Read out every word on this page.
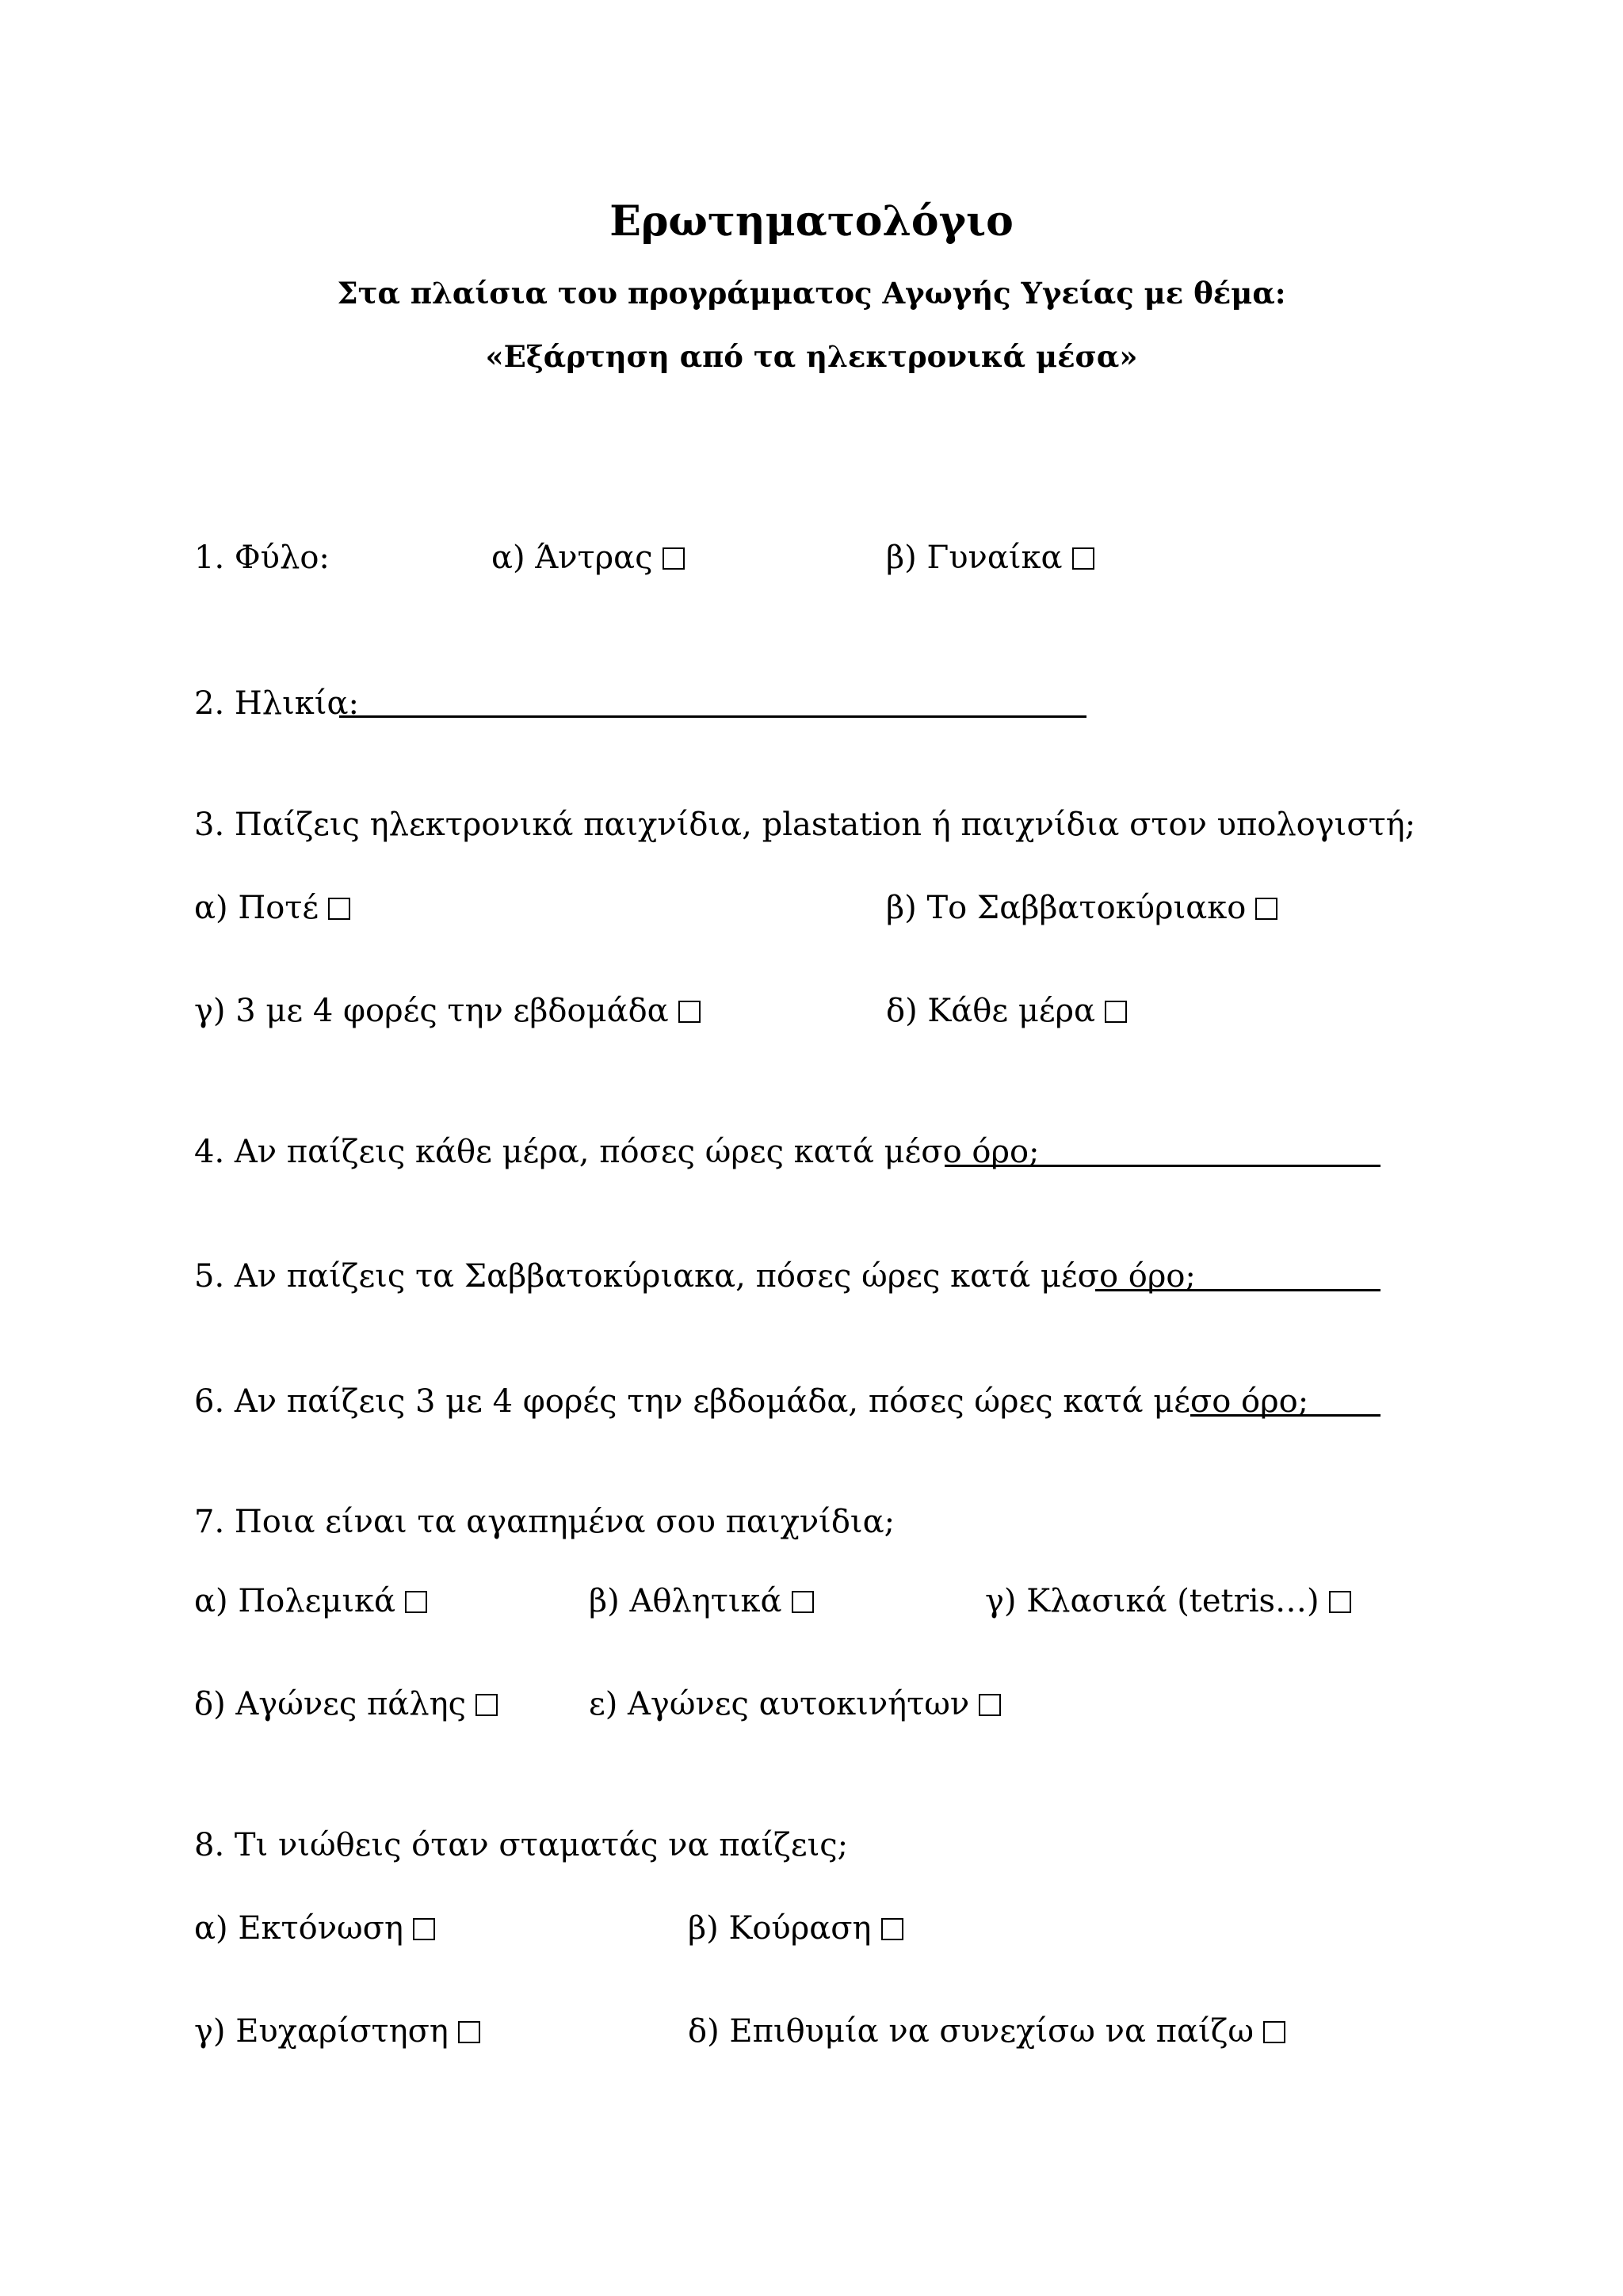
Ερωτηματολόγιο
Στα πλαίσια του προγράμματος Αγωγής Υγείας με θέμα:
«Εξάρτηση από τα ηλεκτρονικά μέσα»
1. Φύλο:	α) Άντρας	β) Γυναίκα
2. Ηλικία:
3. Παίζεις ηλεκτρονικά παιχνίδια, plastation ή παιχνίδια στον υπολογιστή;
α) Ποτέ	β) Το Σαββατοκύριακο
γ) 3 με 4 φορές την εβδομάδα	δ) Κάθε μέρα
4. Αν παίζεις κάθε μέρα, πόσες ώρες κατά μέσο όρο;
5. Αν παίζεις τα Σαββατοκύριακα, πόσες ώρες κατά μέσο όρο;
6. Αν παίζεις 3 με 4 φορές την εβδομάδα, πόσες ώρες κατά μέσο όρο;
7. Ποια είναι τα αγαπημένα σου παιχνίδια;
α) Πολεμικά	β) Αθλητικά	γ) Κλασικά (tetris…)
δ) Αγώνες πάλης	ε) Αγώνες αυτοκινήτων
8. Τι νιώθεις όταν σταματάς να παίζεις;
α) Εκτόνωση	β) Κούραση
γ) Ευχαρίστηση	δ) Επιθυμία να συνεχίσω να παίζω
